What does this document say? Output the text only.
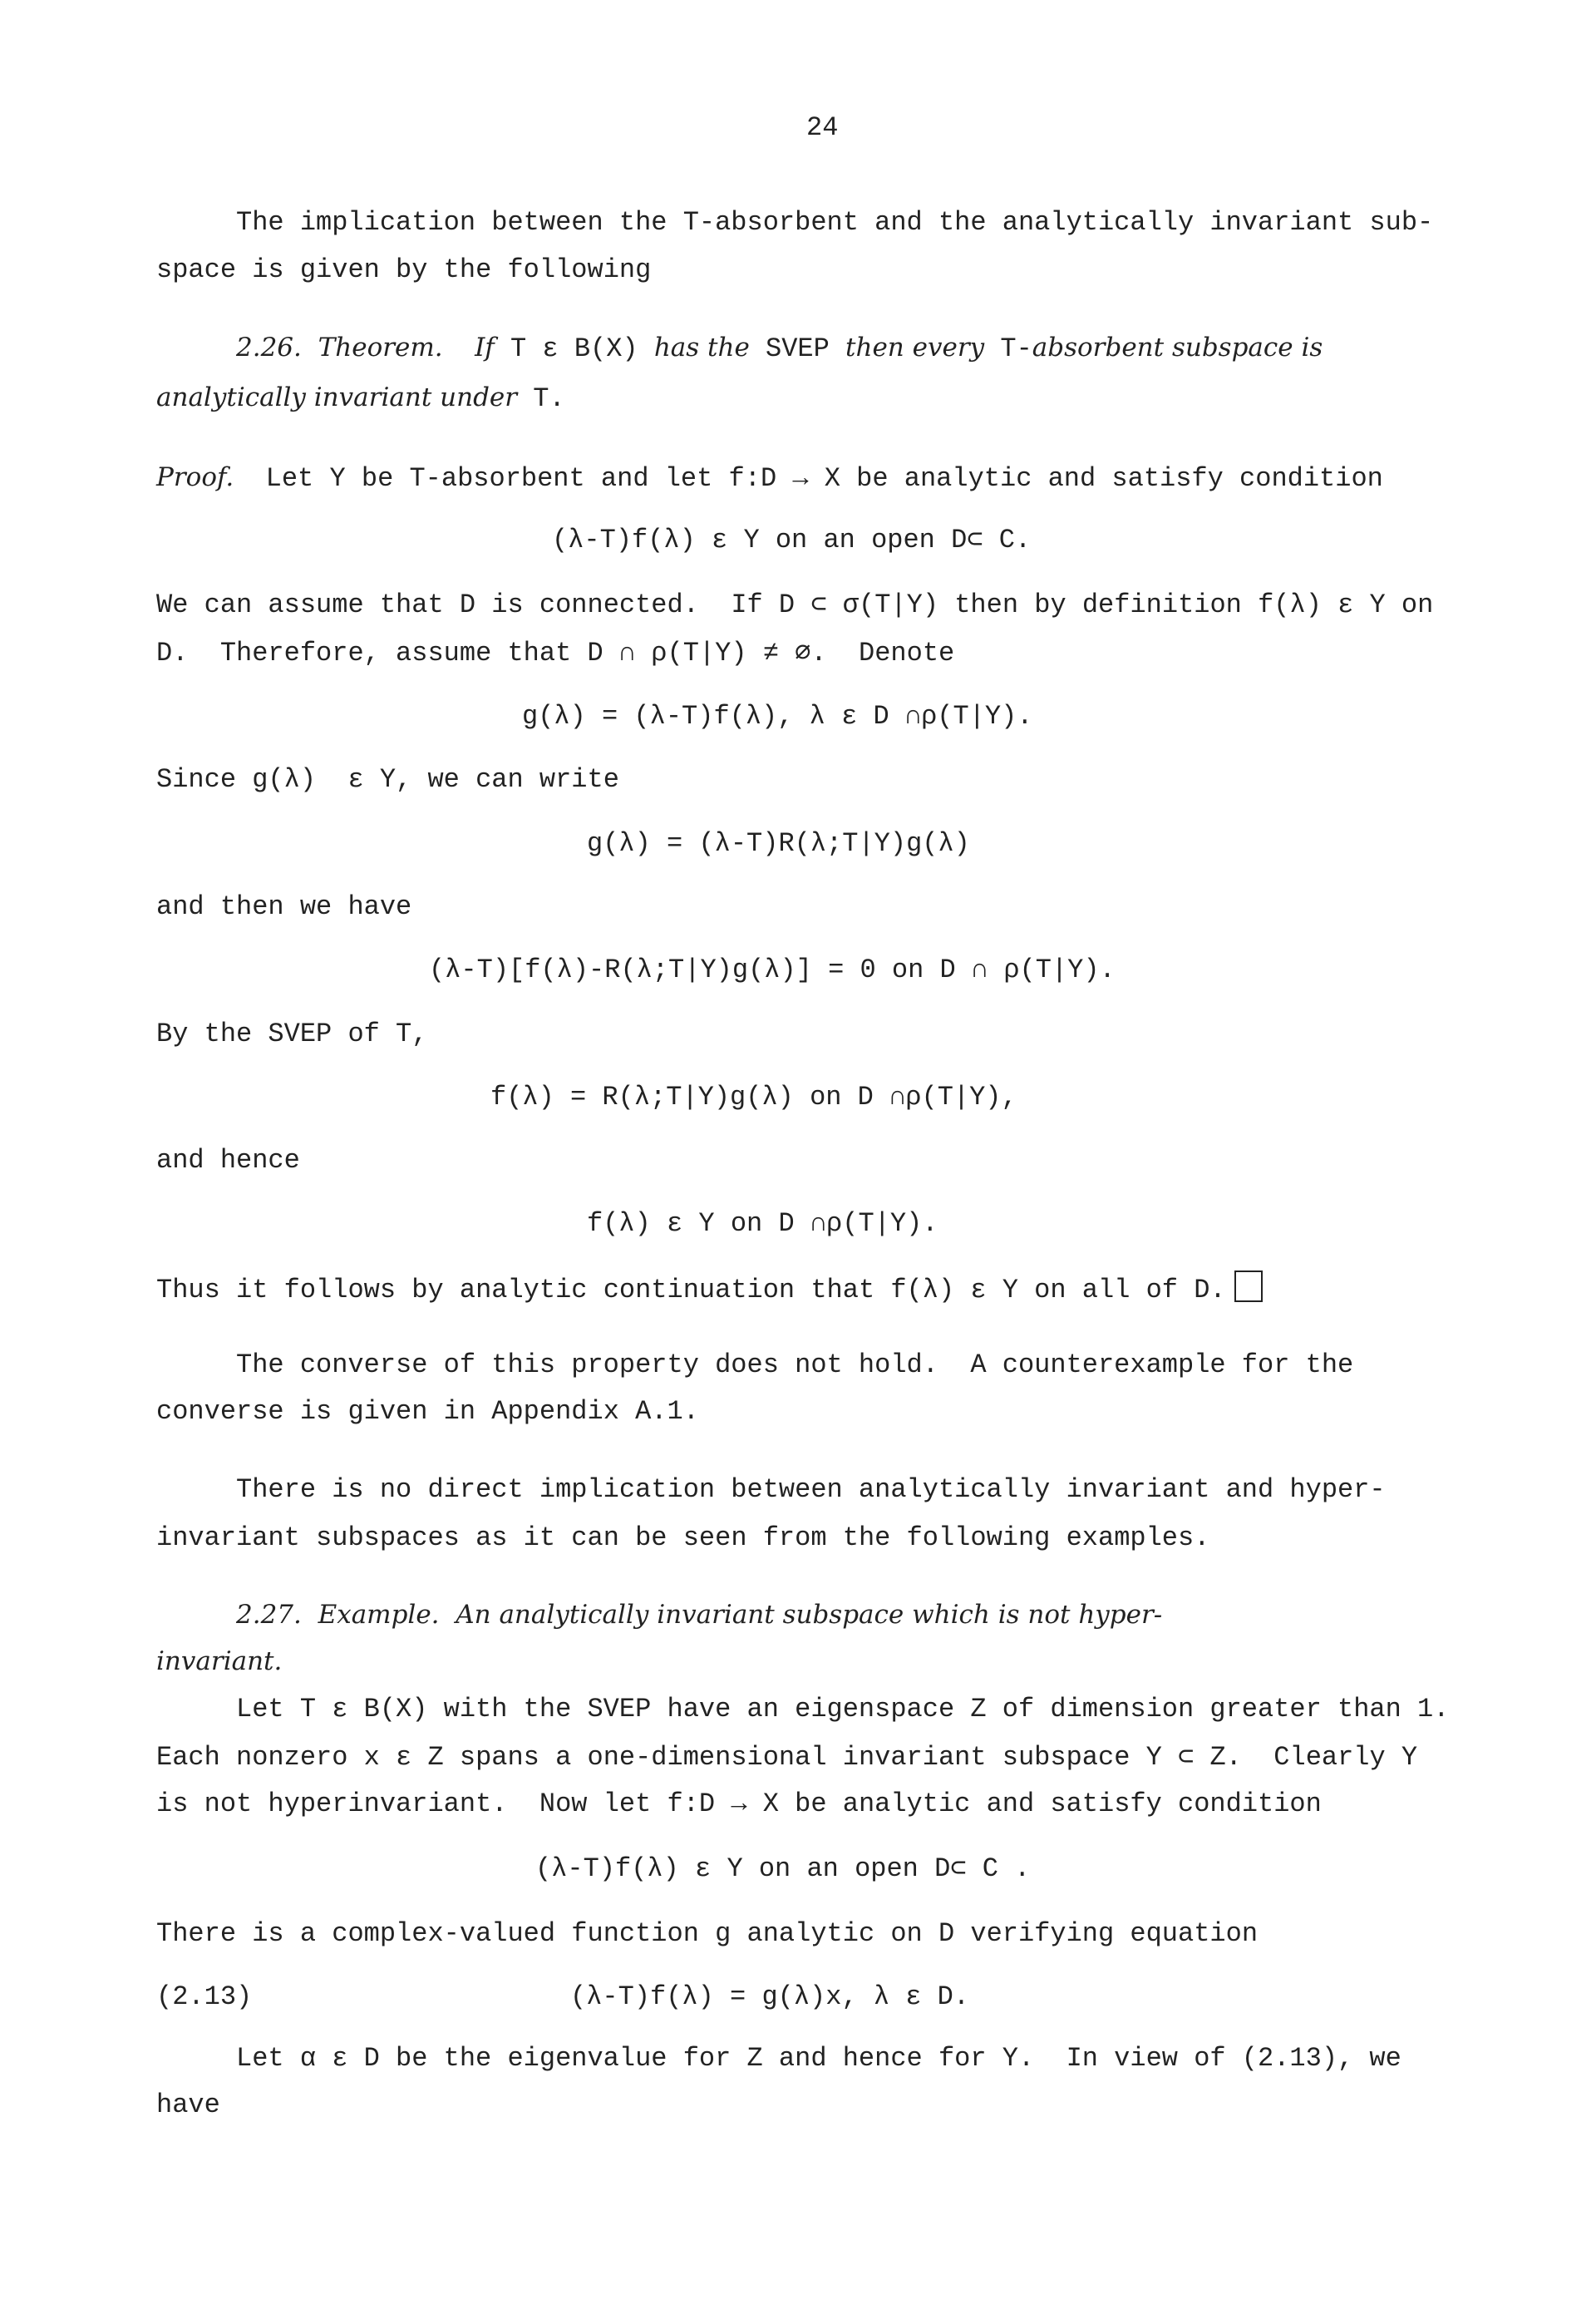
24
The implication between the T-absorbent and the analytically invariant sub-
space is given by the following
2.26.  Theorem. If T ε B(X) has the SVEP then every T-absorbent subspace is
analytically invariant under T.
Proof. Let Y be T-absorbent and let f:D → X be analytic and satisfy condition
(λ-T)f(λ) ε Y on an open D⊂ C.
We can assume that D is connected.  If D ⊂ σ(T|Y) then by definition f(λ) ε Y on
D.  Therefore, assume that D ∩ ρ(T|Y) ≠ ∅.  Denote
g(λ) = (λ-T)f(λ), λ ε D ∩ρ(T|Y).
Since g(λ)  ε Y, we can write
g(λ) = (λ-T)R(λ;T|Y)g(λ)
and then we have
(λ-T)[f(λ)-R(λ;T|Y)g(λ)] = 0 on D ∩ ρ(T|Y).
By the SVEP of T,
f(λ) = R(λ;T|Y)g(λ) on D ∩ρ(T|Y),
and hence
f(λ) ε Y on D ∩ρ(T|Y).
Thus it follows by analytic continuation that f(λ) ε Y on all of D.
The converse of this property does not hold.  A counterexample for the
converse is given in Appendix A.1.
There is no direct implication between analytically invariant and hyper-
invariant subspaces as it can be seen from the following examples.
2.27.  Example.  An analytically invariant subspace which is not hyper-
invariant.
Let T ε B(X) with the SVEP have an eigenspace Z of dimension greater than 1.
Each nonzero x ε Z spans a one-dimensional invariant subspace Y ⊂ Z.  Clearly Y
is not hyperinvariant.  Now let f:D → X be analytic and satisfy condition
(λ-T)f(λ) ε Y on an open D⊂ C .
There is a complex-valued function g analytic on D verifying equation
(2.13)	(λ-T)f(λ) = g(λ)x, λ ε D.
Let α ε D be the eigenvalue for Z and hence for Y.  In view of (2.13), we
have
